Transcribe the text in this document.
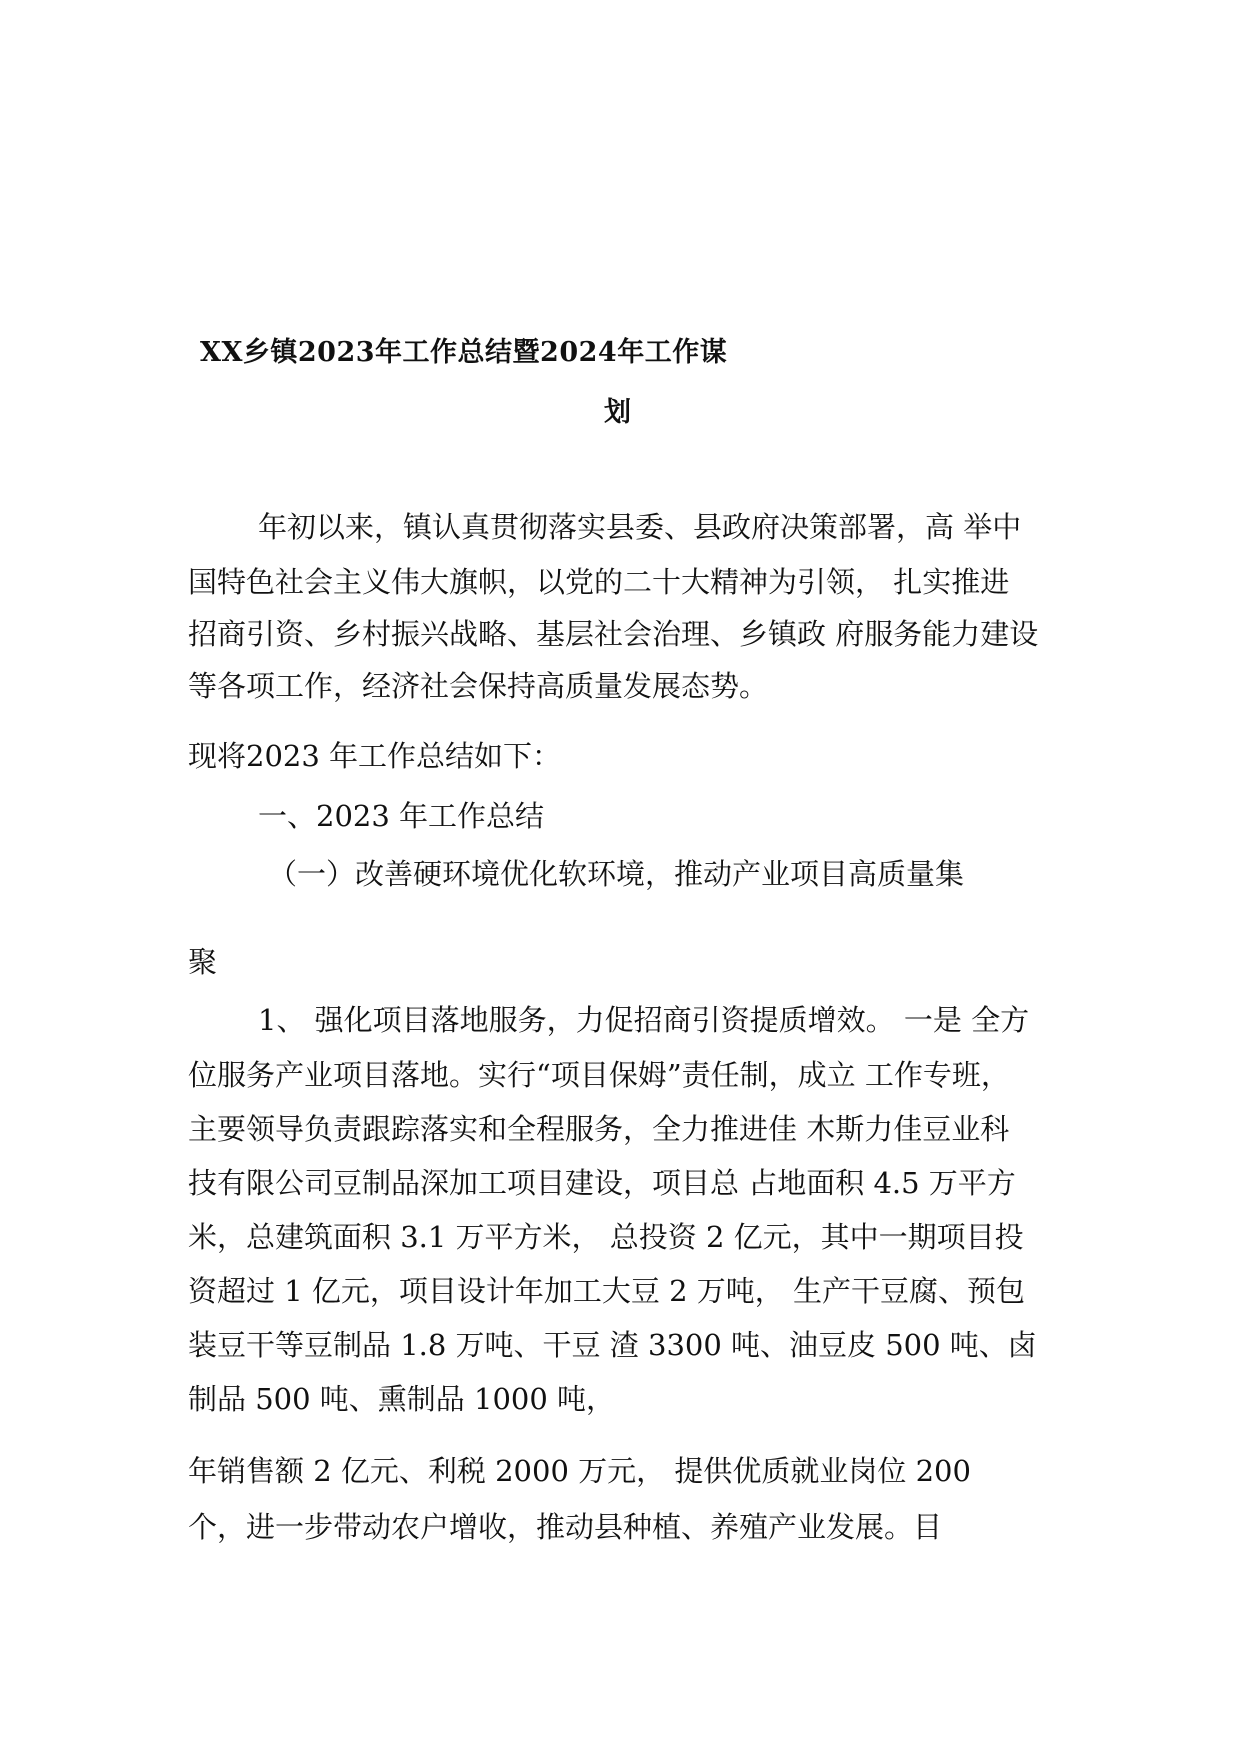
XX乡镇2023年工作总结暨2024年工作谋
划
年初以来，镇认真贯彻落实县委、县政府决策部署，高 举中
国特色社会主义伟大旗帜，以党的二十大精神为引领， 扎实推进
招商引资、乡村振兴战略、基层社会治理、乡镇政 府服务能力建设
等各项工作，经济社会保持高质量发展态势。
现将2023 年工作总结如下：
一、2023 年工作总结
（一）改善硬环境优化软环境，推动产业项目高质量集
聚
1、 强化项目落地服务，力促招商引资提质增效。 一是 全方
位服务产业项目落地。实行“项目保姆”责任制，成立 工作专班，
主要领导负责跟踪落实和全程服务，全力推进佳 木斯力佳豆业科
技有限公司豆制品深加工项目建设，项目总 占地面积 4.5 万平方
米，总建筑面积 3.1 万平方米， 总投资 2 亿元，其中一期项目投
资超过 1 亿元，项目设计年加工大豆 2 万吨， 生产干豆腐、预包
装豆干等豆制品 1.8 万吨、干豆 渣 3300 吨、油豆皮 500 吨、卤
制品 500 吨、熏制品 1000 吨，
年销售额 2 亿元、利税 2000 万元， 提供优质就业岗位 200
个，进一步带动农户增收，推动县种植、养殖产业发展。目
